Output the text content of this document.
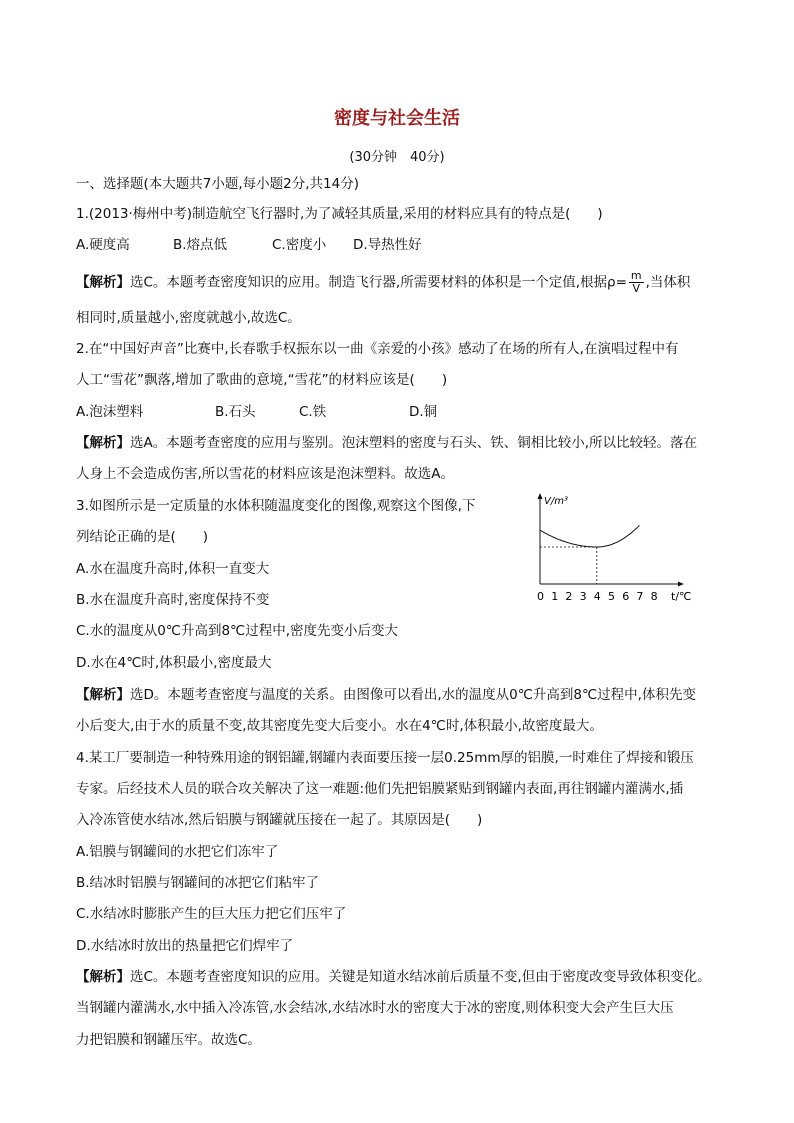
密度与社会生活
(30分钟　40分)
一、选择题(本大题共7小题,每小题2分,共14分)
1.(2013·梅州中考)制造航空飞行器时,为了减轻其质量,采用的材料应具有的特点是(　　)
A.硬度高	B.熔点低	C.密度小 D.导热性好
【解析】选C。本题考查密度知识的应用。制造飞行器,所需要材料的体积是一个定值,根据$\rho= \frac{m}{V}$ ,当体积
相同时,质量越小,密度就越小,故选C。
2.在“中国好声音”比赛中,长春歌手权振东以一曲《亲爱的小孩》感动了在场的所有人,在演唱过程中有
人工“雪花”飘落,增加了歌曲的意境,“雪花”的材料应该是(　　)
A.泡沫塑料	B.石头	C.铁	D.铜
【解析】选A。本题考查密度的应用与鉴别。泡沫塑料的密度与石头、铁、铜相比较小,所以比较轻。落在
人身上不会造成伤害,所以雪花的材料应该是泡沫塑料。故选A。
3.如图所示是一定质量的水体积随温度变化的图像,观察这个图像,下
列结论正确的是(　　)
A.水在温度升高时,体积一直变大
B.水在温度升高时,密度保持不变
C.水的温度从0℃升高到8℃过程中,密度先变小后变大
D.水在4℃时,体积最小,密度最大
【解析】选D。本题考查密度与温度的关系。由图像可以看出,水的温度从0℃升高到8℃过程中,体积先变
小后变大,由于水的质量不变,故其密度先变大后变小。水在4℃时,体积最小,故密度最大。
V/m³
t/℃
0 1 2 3 4 5 6 7 8
4.某工厂要制造一种特殊用途的钢铝罐,钢罐内表面要压接一层0.25mm厚的铝膜,一时难住了焊接和锻压
专家。后经技术人员的联合攻关解决了这一难题:他们先把铝膜紧贴到钢罐内表面,再往钢罐内灌满水,插
入冷冻管使水结冰,然后铝膜与钢罐就压接在一起了。其原因是(　　)
A.铝膜与钢罐间的水把它们冻牢了
B.结冰时铝膜与钢罐间的冰把它们粘牢了
C.水结冰时膨胀产生的巨大压力把它们压牢了
D.水结冰时放出的热量把它们焊牢了
【解析】选C。本题考查密度知识的应用。关键是知道水结冰前后质量不变,但由于密度改变导致体积变化。
当钢罐内灌满水,水中插入冷冻管,水会结冰,水结冰时水的密度大于冰的密度,则体积变大会产生巨大压
力把铝膜和钢罐压牢。故选C。
